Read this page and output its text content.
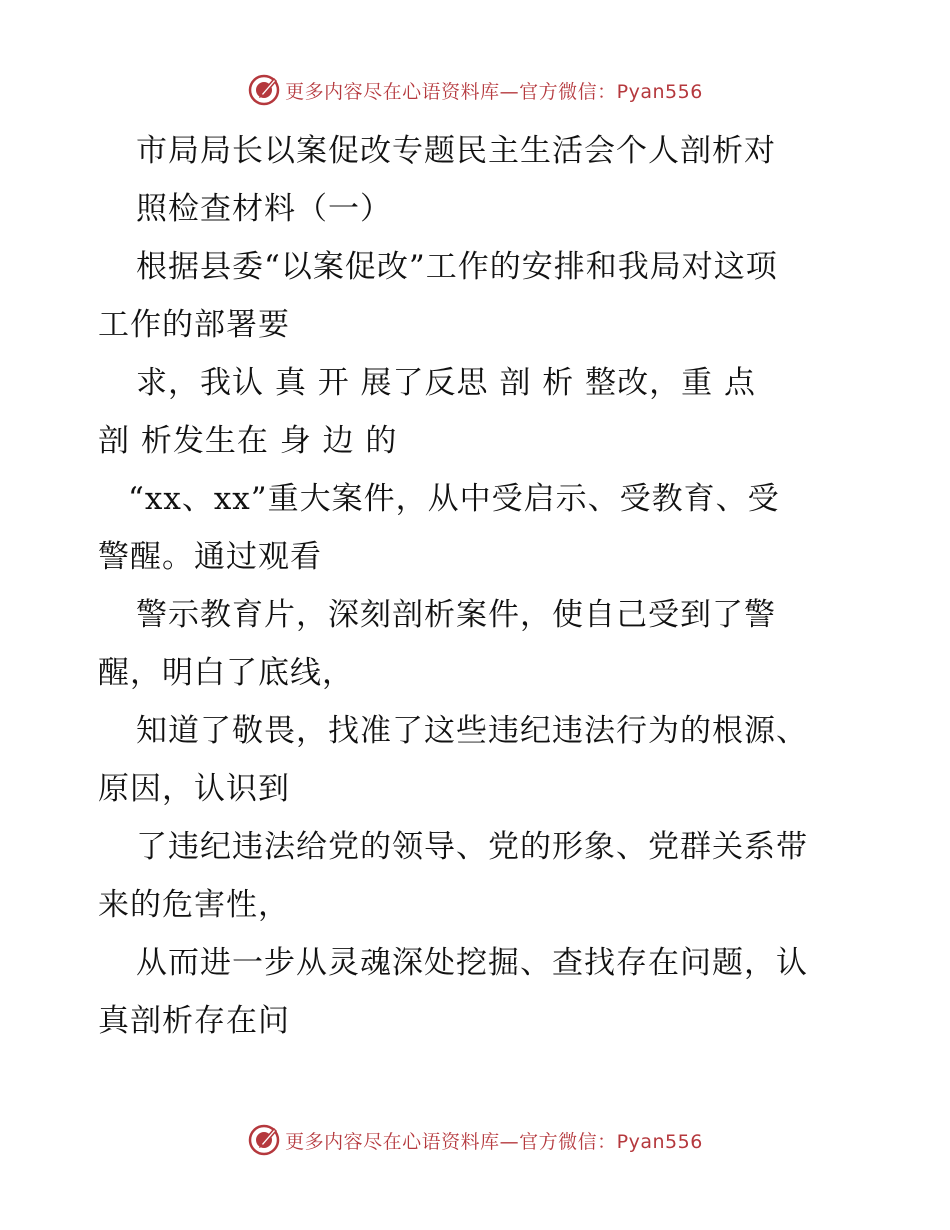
更多内容尽在心语资料库—官方微信：Pyan556
市局局长以案促改专题民主生活会个人剖析对
照检查材料（一）
根据县委“以案促改”工作的安排和我局对这项
工作的部署要
求，我认 真 开 展了反思 剖 析 整改，重 点
剖 析发生在 身 边 的
“xx、xx”重大案件，从中受启示、受教育、受
警醒。通过观看
警示教育片，深刻剖析案件，使自己受到了警
醒，明白了底线，
知道了敬畏，找准了这些违纪违法行为的根源、
原因，认识到
了违纪违法给党的领导、党的形象、党群关系带
来的危害性，
从而进一步从灵魂深处挖掘、查找存在问题，认
真剖析存在问
更多内容尽在心语资料库—官方微信：Pyan556
